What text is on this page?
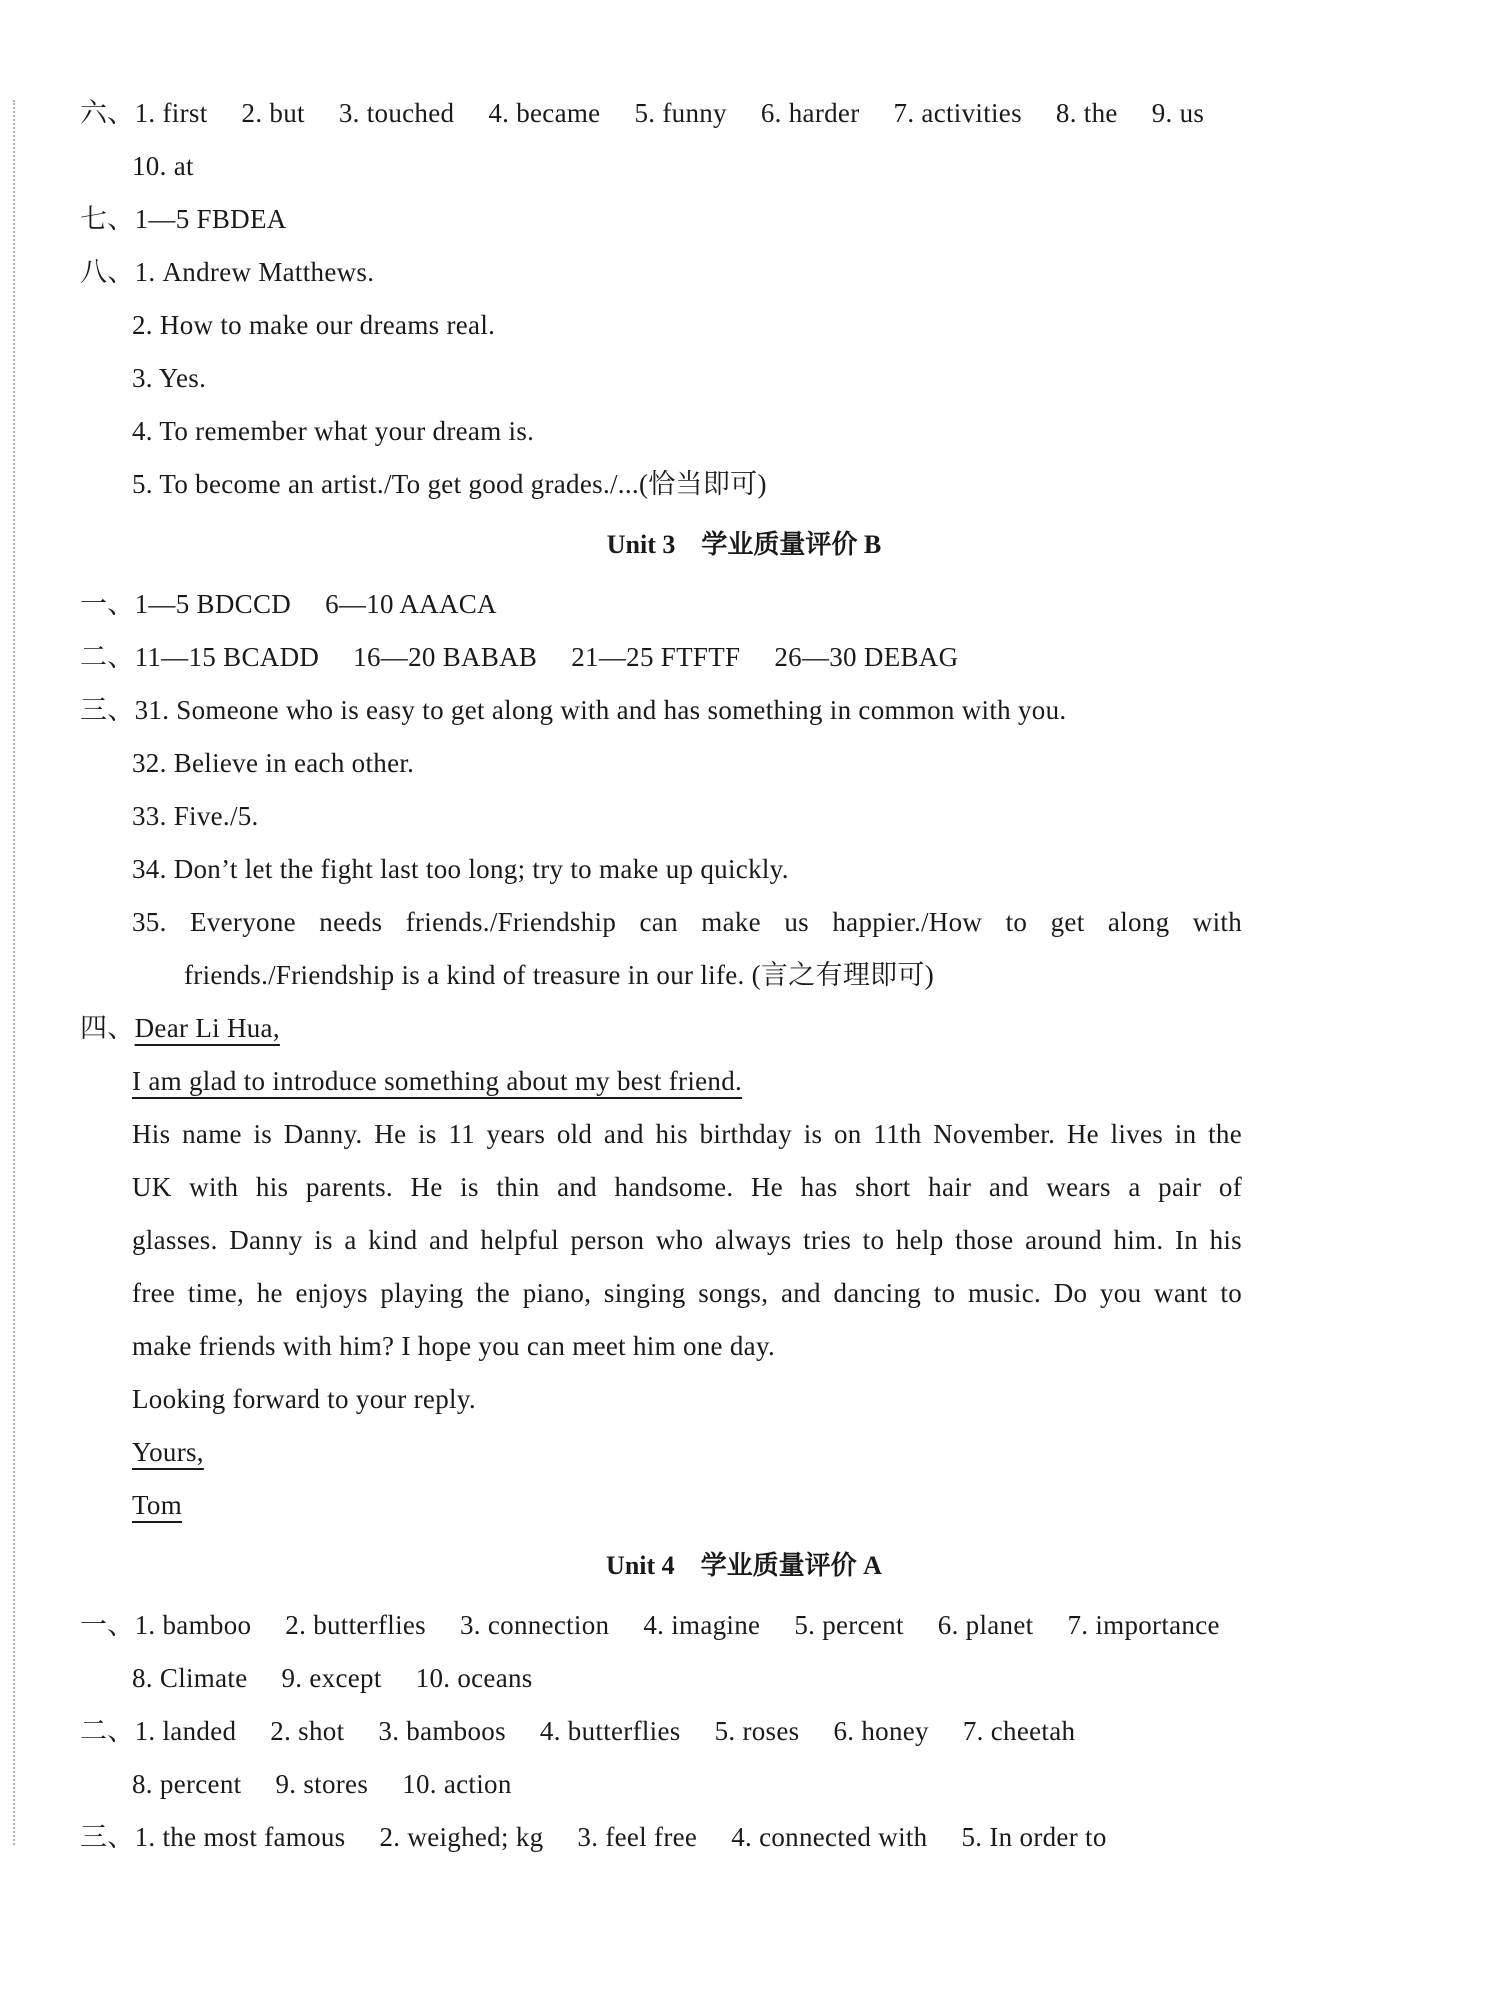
六、1. first 2. but 3. touched 4. became 5. funny 6. harder 7. activities 8. the 9. us

10. at

七、1—5 FBDEA

八、1. Andrew Matthews.

2. How to make our dreams real.

3. Yes.

4. To remember what your dream is.

5. To become an artist./To get good grades./...(恰当即可)

Unit 3　学业质量评价 B

一、1—5 BDCCD 6—10 AAACA

二、11—15 BCADD 16—20 BABAB 21—25 FTFTF 26—30 DEBAG

三、31. Someone who is easy to get along with and has something in common with you.

32. Believe in each other.

33. Five./5.

34. Don’t let the fight last too long; try to make up quickly.

35. Everyone needs friends./Friendship can make us happier./How to get along with

friends./Friendship is a kind of treasure in our life. (言之有理即可)

四、Dear Li Hua,

I am glad to introduce something about my best friend.

His name is Danny. He is 11 years old and his birthday is on 11th November. He lives in the

UK with his parents. He is thin and handsome. He has short hair and wears a pair of

glasses. Danny is a kind and helpful person who always tries to help those around him. In his

free time, he enjoys playing the piano, singing songs, and dancing to music. Do you want to

make friends with him? I hope you can meet him one day.

Looking forward to your reply.

Yours,

Tom

Unit 4　学业质量评价 A

一、1. bamboo 2. butterflies 3. connection 4. imagine 5. percent 6. planet 7. importance

8. Climate 9. except 10. oceans

二、1. landed 2. shot 3. bamboos 4. butterflies 5. roses 6. honey 7. cheetah

8. percent 9. stores 10. action

三、1. the most famous 2. weighed; kg 3. feel free 4. connected with 5. In order to
